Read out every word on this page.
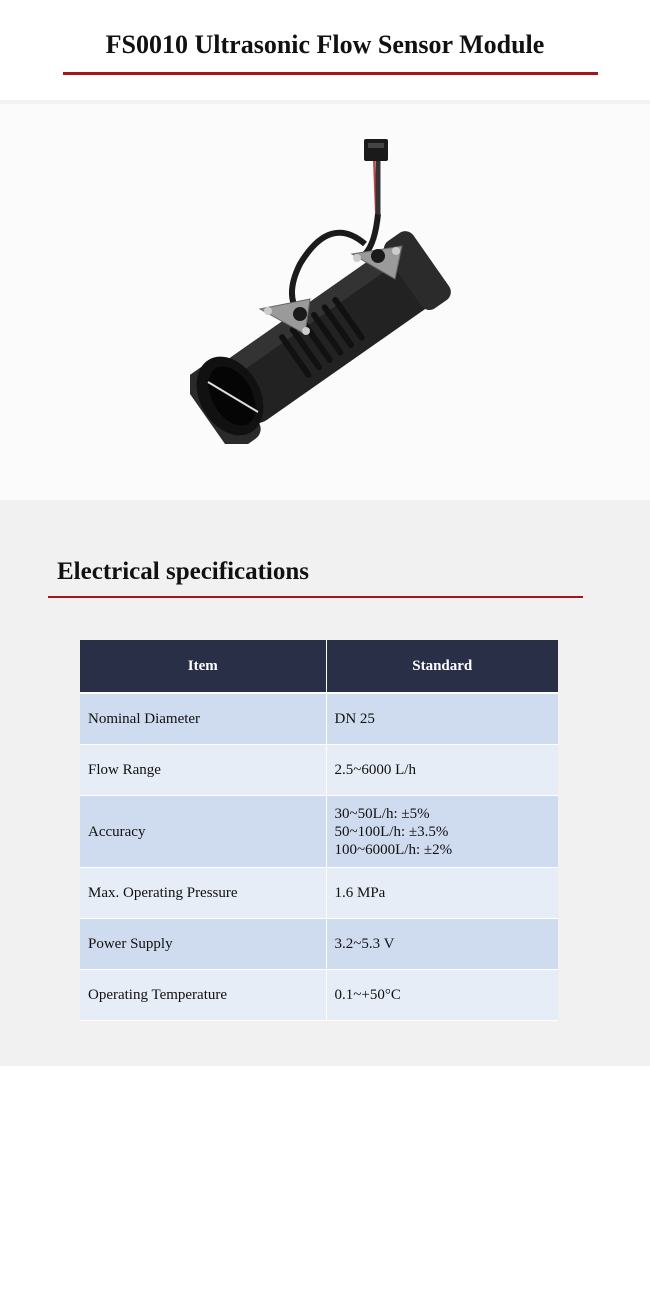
FS0010 Ultrasonic Flow Sensor Module
Electrical specifications
Item	Standard
Nominal Diameter	DN 25

Flow Range	2.5~6000 L/h

Accuracy	30~50L/h: ±5%
50~100L/h: ±3.5%
100~6000L/h: ±2%

Max. Operating Pressure	1.6 MPa

Power Supply	3.2~5.3 V

Operating Temperature	0.1~+50°C
